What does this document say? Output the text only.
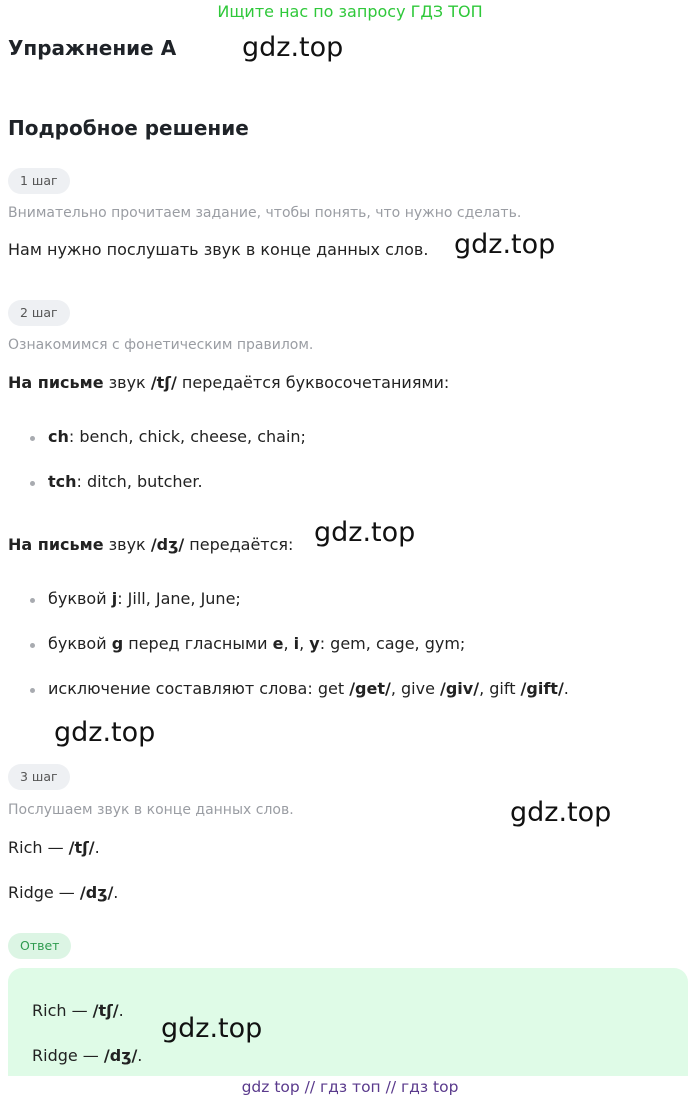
Ищите нас по запросу ГДЗ ТОП
Упражнение A gdz.top
Подробное решение
1 шаг
Внимательно прочитаем задание, чтобы понять, что нужно сделать.
Нам нужно послушать звук в конце данных слов. gdz.top
2 шаг
Ознакомимся с фонетическим правилом.
На письме звук /tʃ/ передаётся буквосочетаниями:
ch: bench, chick, cheese, chain;
tch: ditch, butcher.
На письме звук /dʒ/ передаётся: gdz.top
буквой j: Jill, Jane, June;
буквой g перед гласными e, i, y: gem, cage, gym;
исключение составляют слова: get /get/, give /giv/, gift /gift/.
gdz.top
3 шаг
Послушаем звук в конце данных слов.	gdz.top
Rich — /tʃ/.
Ridge — /dʒ/.
Ответ
Rich — /tʃ/.
Ridge — /dʒ/.
gdz.top
gdz top // гдз топ // гдз top
